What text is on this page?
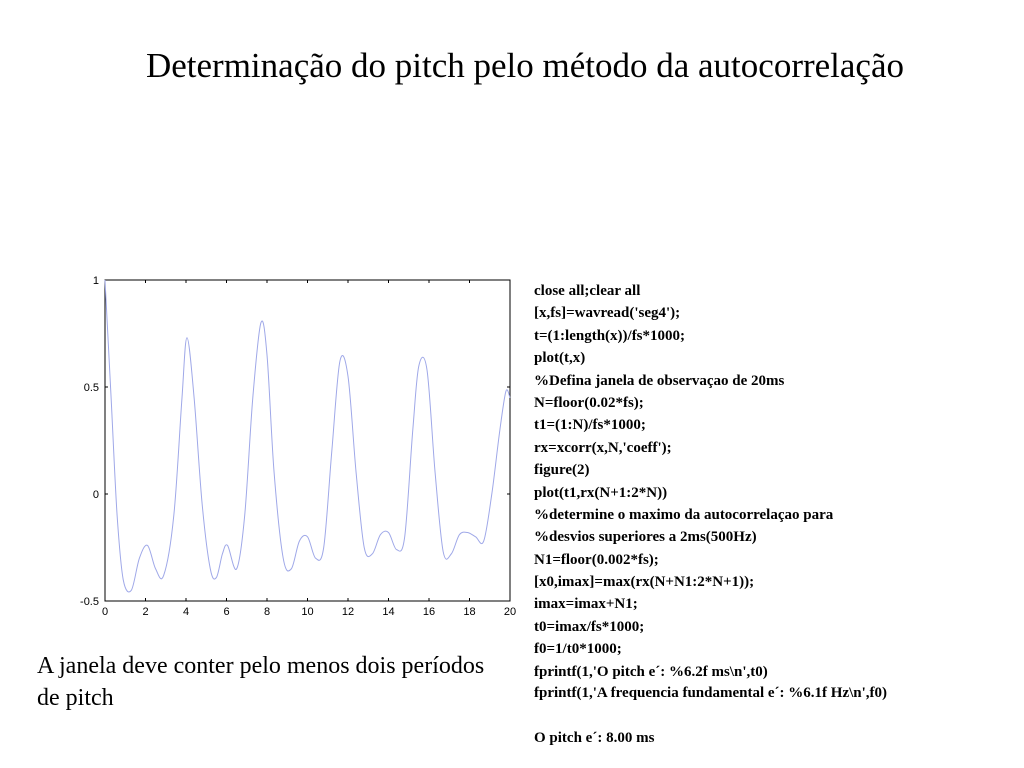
Determinação do pitch pelo método da autocorrelação
0	2	4	6	8	10	12	14	16	18	20
-0.5
0
0.5
1
A janela deve conter pelo menos dois períodos de pitch
close all;clear all
[x,fs]=wavread('seg4');
t=(1:length(x))/fs*1000;
plot(t,x)
%Defina janela de observaçao de 20ms
N=floor(0.02*fs);
t1=(1:N)/fs*1000;
rx=xcorr(x,N,'coeff');
figure(2)
plot(t1,rx(N+1:2*N))
%determine o maximo da autocorrelaçao para
%desvios superiores a 2ms(500Hz)
N1=floor(0.002*fs);
[x0,imax]=max(rx(N+N1:2*N+1));
imax=imax+N1;
t0=imax/fs*1000;
f0=1/t0*1000;
fprintf(1,'O pitch e´: %6.2f ms\n',t0)
fprintf(1,'A frequencia fundamental e´: %6.1f Hz\n',f0)
O pitch e´: 8.00 ms
